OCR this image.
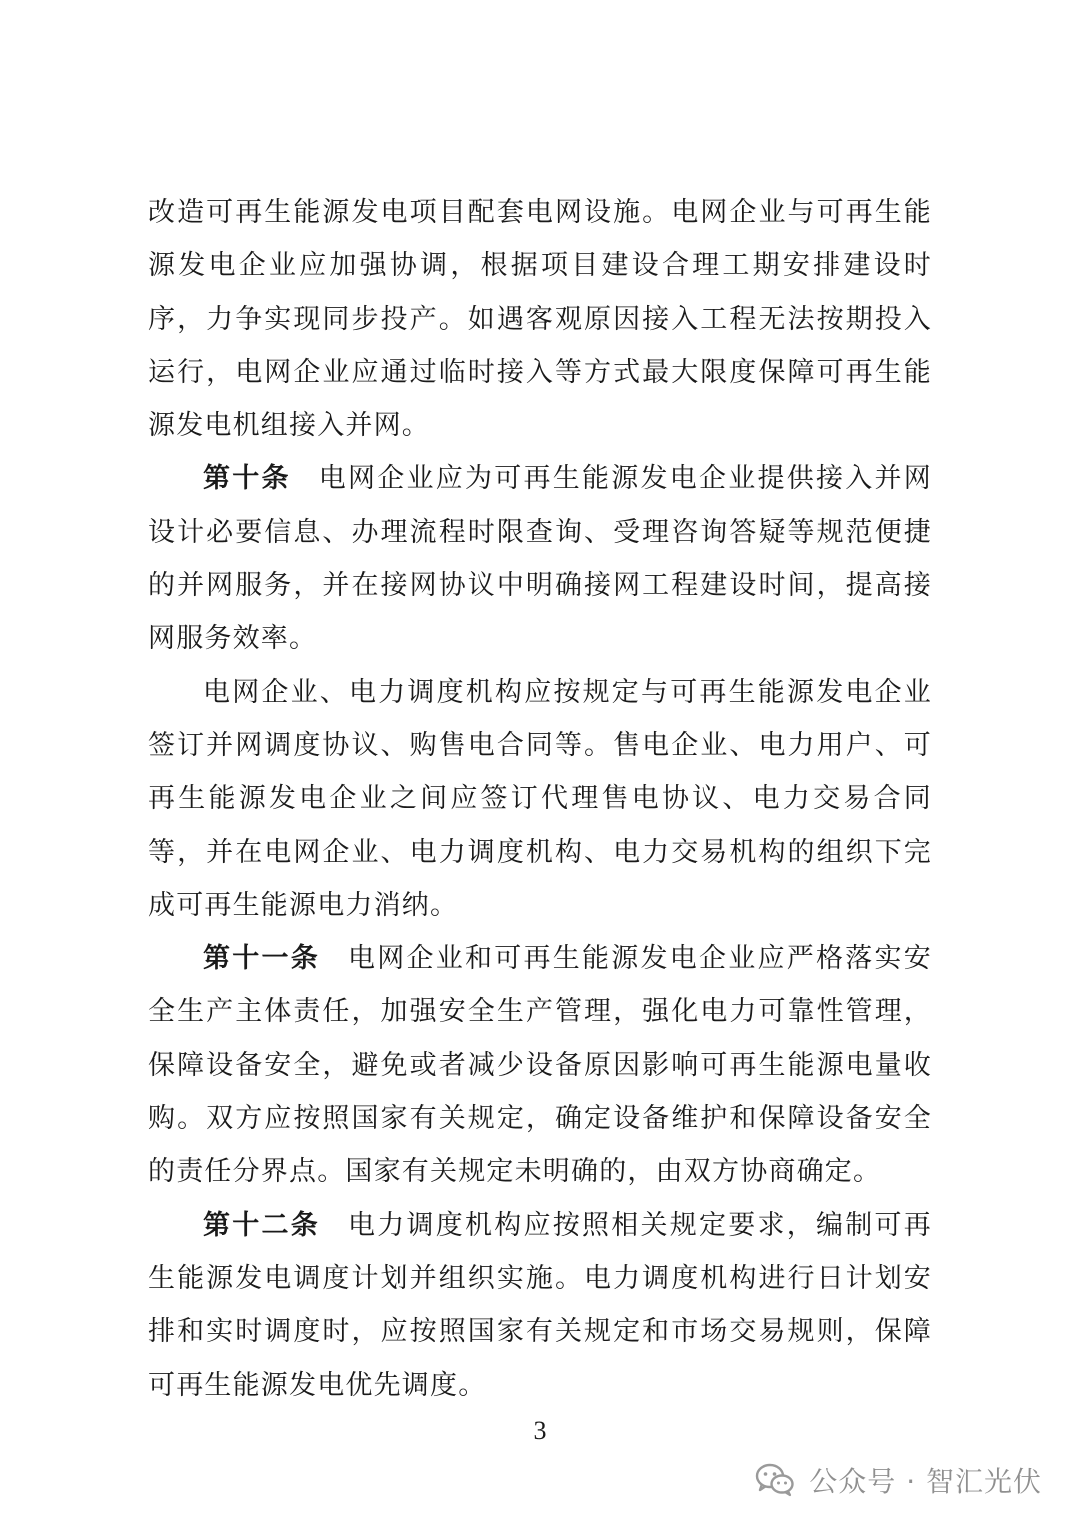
改造可再生能源发电项目配套电网设施。电网企业与可再生能源发电企业应加强协调，根据项目建设合理工期安排建设时序，力争实现同步投产。如遇客观原因接入工程无法按期投入运行，电网企业应通过临时接入等方式最大限度保障可再生能源发电机组接入并网。

第十条 电网企业应为可再生能源发电企业提供接入并网设计必要信息、办理流程时限查询、受理咨询答疑等规范便捷的并网服务，并在接网协议中明确接网工程建设时间，提高接网服务效率。

电网企业、电力调度机构应按规定与可再生能源发电企业签订并网调度协议、购售电合同等。售电企业、电力用户、可再生能源发电企业之间应签订代理售电协议、电力交易合同等，并在电网企业、电力调度机构、电力交易机构的组织下完成可再生能源电力消纳。

第十一条 电网企业和可再生能源发电企业应严格落实安全生产主体责任，加强安全生产管理，强化电力可靠性管理，保障设备安全，避免或者减少设备原因影响可再生能源电量收购。双方应按照国家有关规定，确定设备维护和保障设备安全的责任分界点。国家有关规定未明确的，由双方协商确定。

第十二条 电力调度机构应按照相关规定要求，编制可再生能源发电调度计划并组织实施。电力调度机构进行日计划安排和实时调度时，应按照国家有关规定和市场交易规则，保障可再生能源发电优先调度。

3
公众号 · 智汇光伏
